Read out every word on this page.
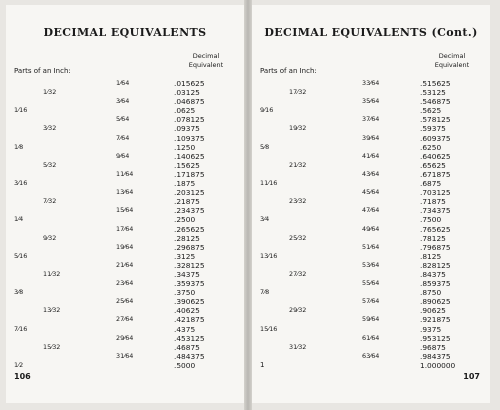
DECIMAL EQUIVALENTS
Parts of an Inch:
Decimal
Equivalent
1⁄64	.015625
1⁄32	.03125
3⁄64	.046875
1⁄16	.0625
5⁄64	.078125
3⁄32	.09375
7⁄64	.109375
1⁄8	.1250
9⁄64	.140625
5⁄32	.15625
11⁄64	.171875
3⁄16	.1875
13⁄64	.203125
7⁄32	.21875
15⁄64	.234375
1⁄4	.2500
17⁄64	.265625
9⁄32	.28125
19⁄64	.296875
5⁄16	.3125
21⁄64	.328125
11⁄32	.34375
23⁄64	.359375
3⁄8	.3750
25⁄64	.390625
13⁄32	.40625
27⁄64	.421875
7⁄16	.4375
29⁄64	.453125
15⁄32	.46875
31⁄64	.484375
1⁄2	.5000
106
DECIMAL EQUIVALENTS (Cont.)
Parts of an Inch:
Decimal
Equivalent
33⁄64	.515625
17⁄32	.53125
35⁄64	.546875
9⁄16	.5625
37⁄64	.578125
19⁄32	.59375
39⁄64	.609375
5⁄8	.6250
41⁄64	.640625
21⁄32	.65625
43⁄64	.671875
11⁄16	.6875
45⁄64	.703125
23⁄32	.71875
47⁄64	.734375
3⁄4	.7500
49⁄64	.765625
25⁄32	.78125
51⁄64	.796875
13⁄16	.8125
53⁄64	.828125
27⁄32	.84375
55⁄64	.859375
7⁄8	.8750
57⁄64	.890625
29⁄32	.90625
59⁄64	.921875
15⁄16	.9375
61⁄64	.953125
31⁄32	.96875
63⁄64	.984375
1	1.000000
107
